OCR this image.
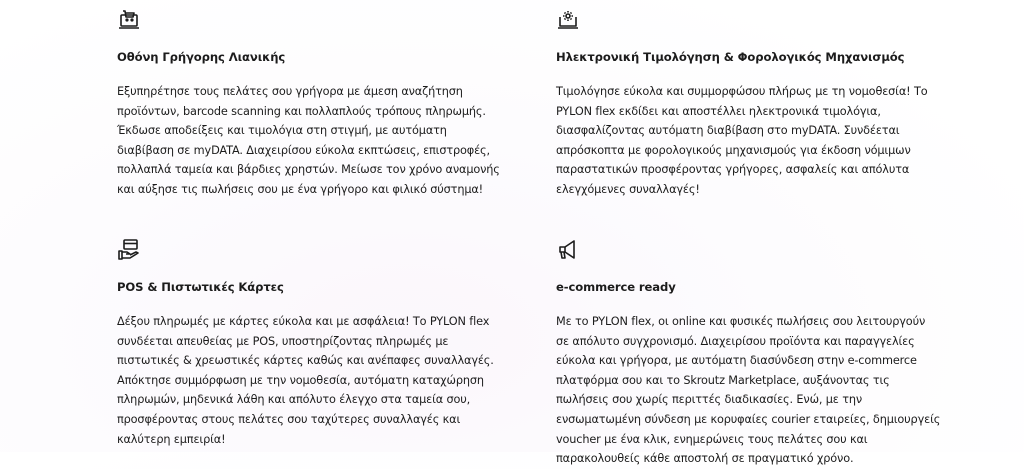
Οθόνη Γρήγορης Λιανικής
Εξυπηρέτησε τους πελάτες σου γρήγορα με άμεση αναζήτηση
προϊόντων, barcode scanning και πολλαπλούς τρόπους πληρωμής.
Έκδωσε αποδείξεις και τιμολόγια στη στιγμή, με αυτόματη
διαβίβαση σε myDATA. Διαχειρίσου εύκολα εκπτώσεις, επιστροφές,
πολλαπλά ταμεία και βάρδιες χρηστών. Μείωσε τον χρόνο αναμονής
και αύξησε τις πωλήσεις σου με ένα γρήγορο και φιλικό σύστημα!
Ηλεκτρονική Τιμολόγηση & Φορολογικός Μηχανισμός
Τιμολόγησε εύκολα και συμμορφώσου πλήρως με τη νομοθεσία! Το
PYLON flex εκδίδει και αποστέλλει ηλεκτρονικά τιμολόγια,
διασφαλίζοντας αυτόματη διαβίβαση στο myDATA. Συνδέεται
απρόσκοπτα με φορολογικούς μηχανισμούς για έκδοση νόμιμων
παραστατικών προσφέροντας γρήγορες, ασφαλείς και απόλυτα
ελεγχόμενες συναλλαγές!
POS & Πιστωτικές Κάρτες
Δέξου πληρωμές με κάρτες εύκολα και με ασφάλεια! Το PYLON flex
συνδέεται απευθείας με POS, υποστηρίζοντας πληρωμές με
πιστωτικές & χρεωστικές κάρτες καθώς και ανέπαφες συναλλαγές.
Απόκτησε συμμόρφωση με την νομοθεσία, αυτόματη καταχώρηση
πληρωμών, μηδενικά λάθη και απόλυτο έλεγχο στα ταμεία σου,
προσφέροντας στους πελάτες σου ταχύτερες συναλλαγές και
καλύτερη εμπειρία!
e-commerce ready
Με το PYLON flex, οι online και φυσικές πωλήσεις σου λειτουργούν
σε απόλυτο συγχρονισμό. Διαχειρίσου προϊόντα και παραγγελίες
εύκολα και γρήγορα, με αυτόματη διασύνδεση στην e-commerce
πλατφόρμα σου και το Skroutz Marketplace, αυξάνοντας τις
πωλήσεις σου χωρίς περιττές διαδικασίες. Ενώ, με την
ενσωματωμένη σύνδεση με κορυφαίες courier εταιρείες, δημιουργείς
voucher με ένα κλικ, ενημερώνεις τους πελάτες σου και
παρακολουθείς κάθε αποστολή σε πραγματικό χρόνο.
